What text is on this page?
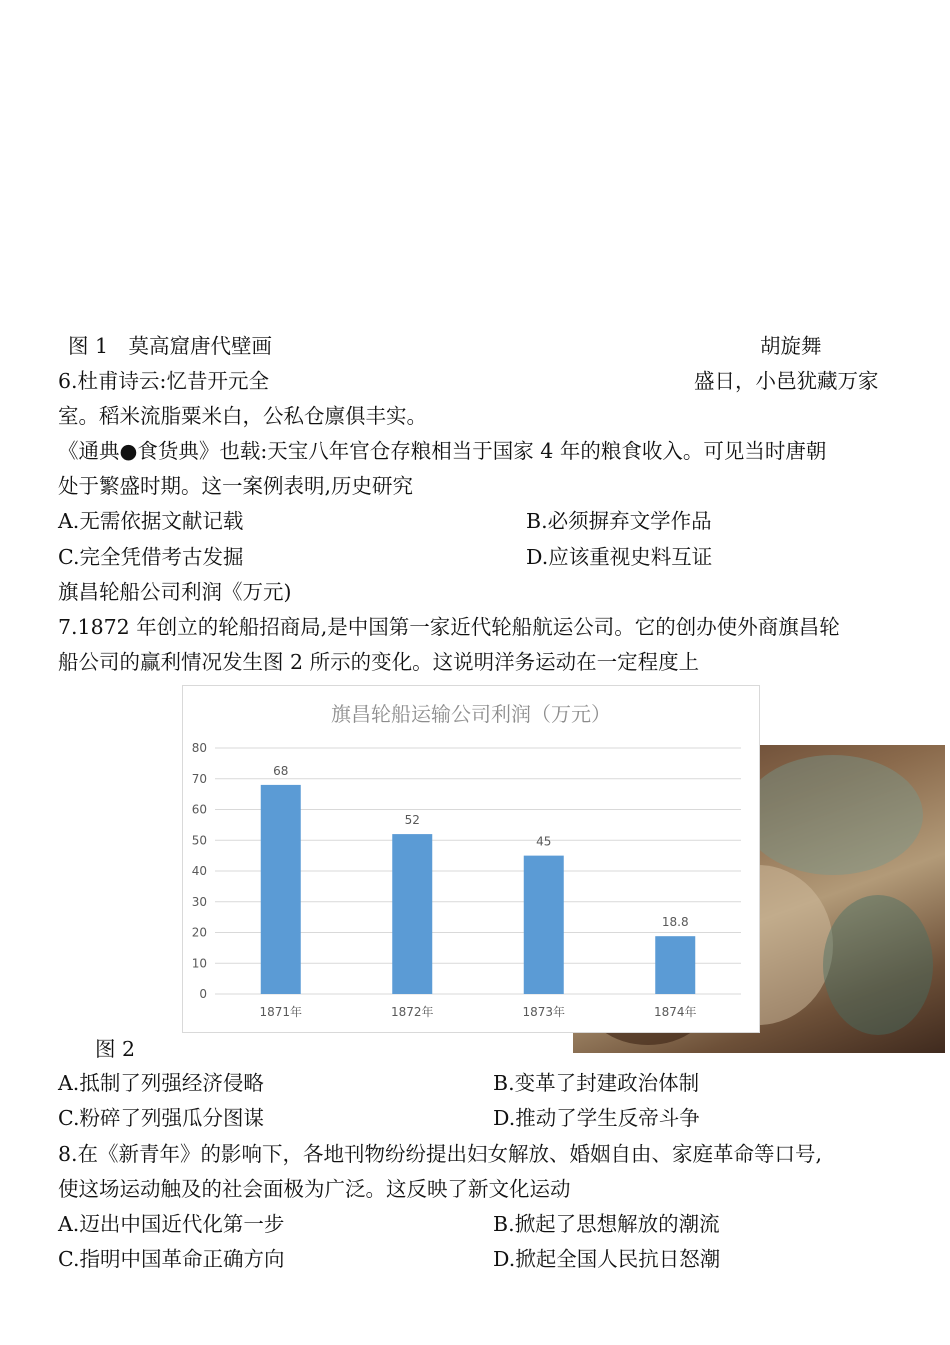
图 1　莫高窟唐代壁画	胡旋舞
6.杜甫诗云:忆昔开元全	盛日，小邑犹藏万家
室。稻米流脂粟米白，公私仓廪俱丰实。
《通典●食货典》也载:天宝八年官仓存粮相当于国家 4 年的粮食收入。可见当时唐朝
处于繁盛时期。这一案例表明,历史研究
A.无需依据文献记载	B.必须摒弃文学作品
C.完全凭借考古发掘	D.应该重视史料互证
旗昌轮船公司利润《万元)
7.1872 年创立的轮船招商局,是中国第一家近代轮船航运公司。它的创办使外商旗昌轮
船公司的赢利情况发生图 2 所示的变化。这说明洋务运动在一定程度上
旗昌轮船运输公司利润（万元）
0
10
20
30
40
50
60
70
80
68
1871年
52
1872年
45
1873年
18.8
1874年
图 2
A.抵制了列强经济侵略	B.变革了封建政治体制
C.粉碎了列强瓜分图谋	D.推动了学生反帝斗争
8.在《新青年》的影响下，各地刊物纷纷提出妇女解放、婚姻自由、家庭革命等口号,
使这场运动触及的社会面极为广泛。这反映了新文化运动
A.迈出中国近代化第一步	B.掀起了思想解放的潮流
C.指明中国革命正确方向	D.掀起全国人民抗日怒潮
